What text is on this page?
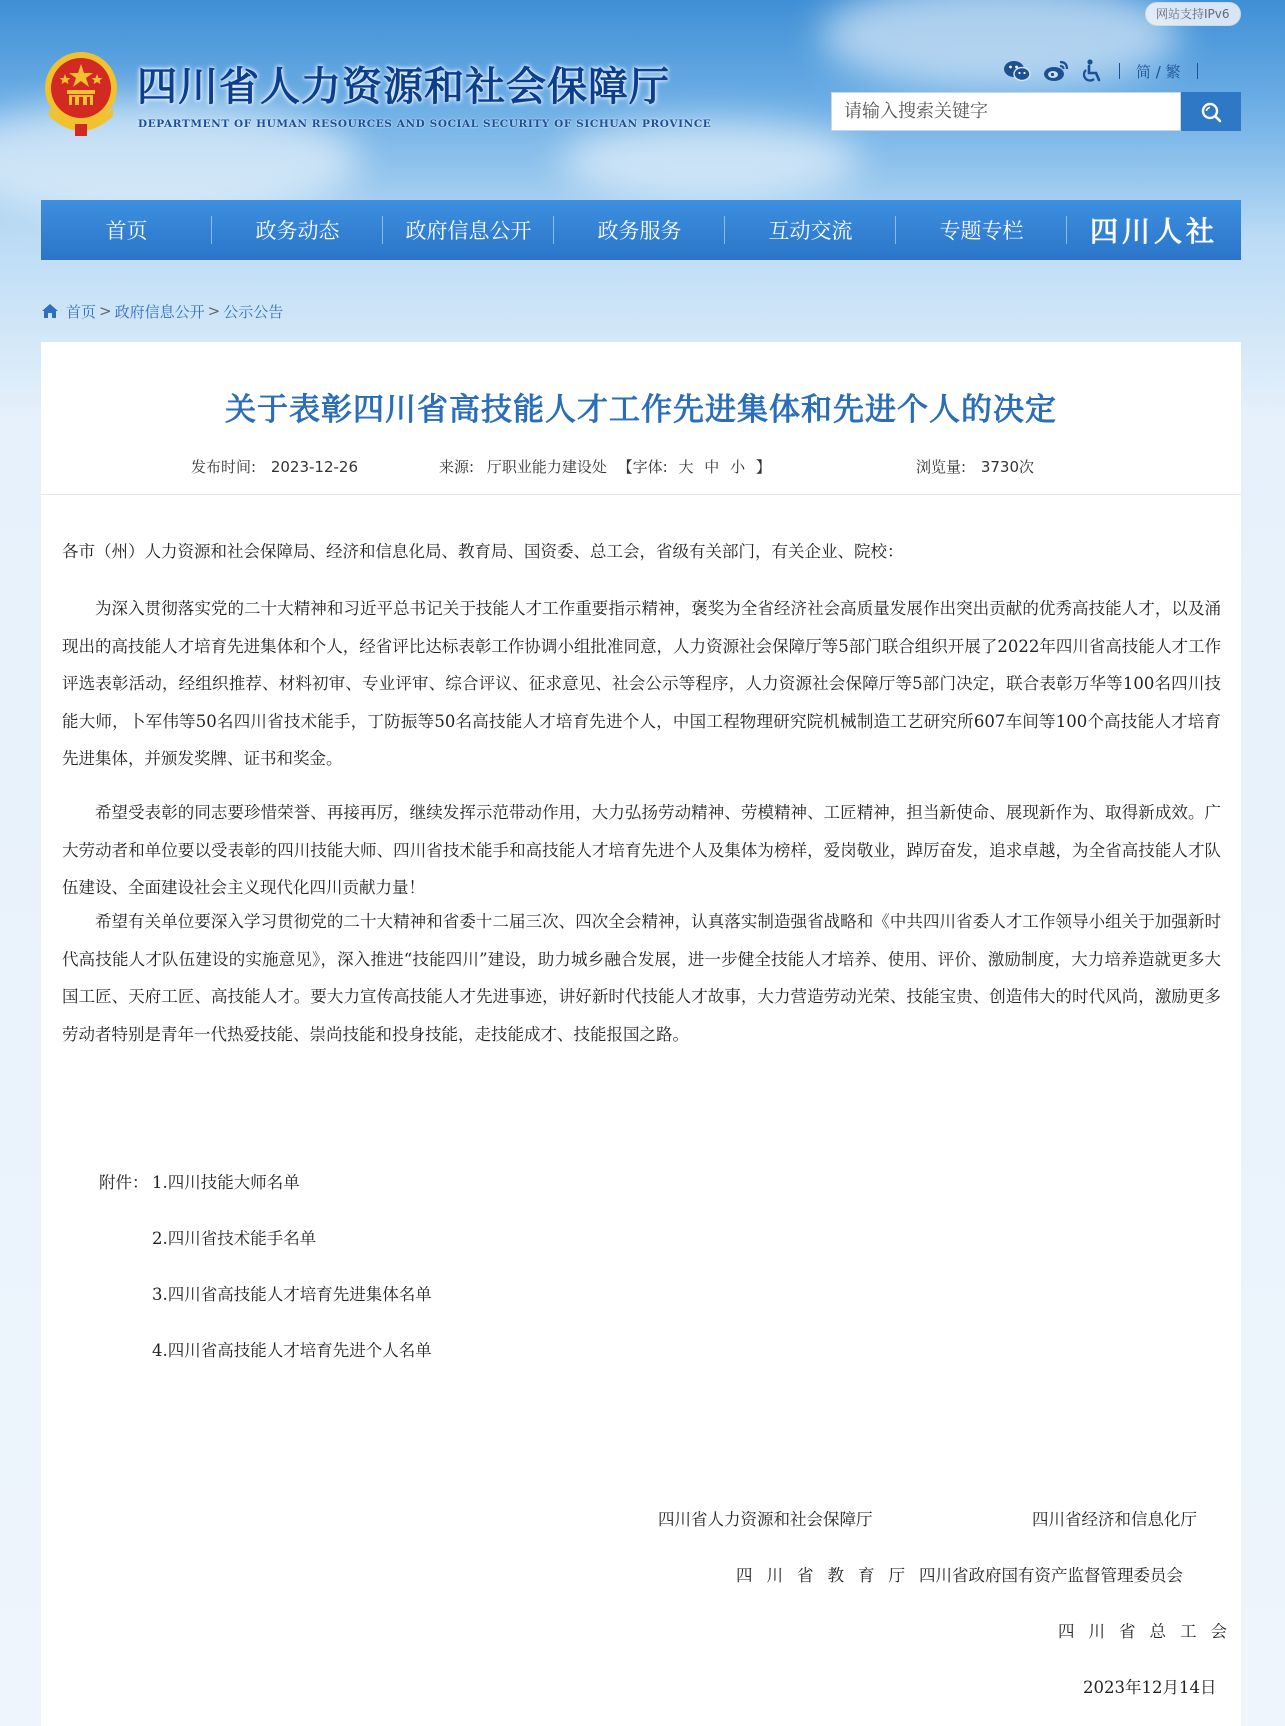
四川省人力资源和社会保障厅
DEPARTMENT OF HUMAN RESOURCES AND SOCIAL SECURITY OF SICHUAN PROVINCE
网站支持IPv6
简 / 繁
请输入搜索关键字
首页	政务动态	政府信息公开	政务服务	互动交流	专题专栏	四川人社
首页 > 政府信息公开 > 公示公告
关于表彰四川省高技能人才工作先进集体和先进个人的决定
发布时间: 2023-12-26	来源: 厅职业能力建设处 【字体: 大 中 小 】	浏览量: 3730次

各市（州）人力资源和社会保障局、经济和信息化局、教育局、国资委、总工会，省级有关部门，有关企业、院校：

为深入贯彻落实党的二十大精神和习近平总书记关于技能人才工作重要指示精神，褒奖为全省经济社会高质量发展作出突出贡献的优秀高技能人才，以及涌现出的高技能人才培育先进集体和个人，经省评比达标表彰工作协调小组批准同意，人力资源社会保障厅等5部门联合组织开展了2022年四川省高技能人才工作评选表彰活动，经组织推荐、材料初审、专业评审、综合评议、征求意见、社会公示等程序，人力资源社会保障厅等5部门决定，联合表彰万华等100名四川技能大师，卜军伟等50名四川省技术能手，丁防振等50名高技能人才培育先进个人，中国工程物理研究院机械制造工艺研究所607车间等100个高技能人才培育先进集体，并颁发奖牌、证书和奖金。

希望受表彰的同志要珍惜荣誉、再接再厉，继续发挥示范带动作用，大力弘扬劳动精神、劳模精神、工匠精神，担当新使命、展现新作为、取得新成效。广大劳动者和单位要以受表彰的四川技能大师、四川省技术能手和高技能人才培育先进个人及集体为榜样，爱岗敬业，踔厉奋发，追求卓越，为全省高技能人才队伍建设、全面建设社会主义现代化四川贡献力量！

希望有关单位要深入学习贯彻党的二十大精神和省委十二届三次、四次全会精神，认真落实制造强省战略和《中共四川省委人才工作领导小组关于加强新时代高技能人才队伍建设的实施意见》，深入推进“技能四川”建设，助力城乡融合发展，进一步健全技能人才培养、使用、评价、激励制度，大力培养造就更多大国工匠、天府工匠、高技能人才。要大力宣传高技能人才先进事迹，讲好新时代技能人才故事，大力营造劳动光荣、技能宝贵、创造伟大的时代风尚，激励更多劳动者特别是青年一代热爱技能、崇尚技能和投身技能，走技能成才、技能报国之路。

附件： 1.四川技能大师名单
2.四川省技术能手名单
3.四川省高技能人才培育先进集体名单
4.四川省高技能人才培育先进个人名单
四川省人力资源和社会保障厅	四川省经济和信息化厅
四川省教育厅 四川省政府国有资产监督管理委员会
四川省总工会
2023年12月14日
